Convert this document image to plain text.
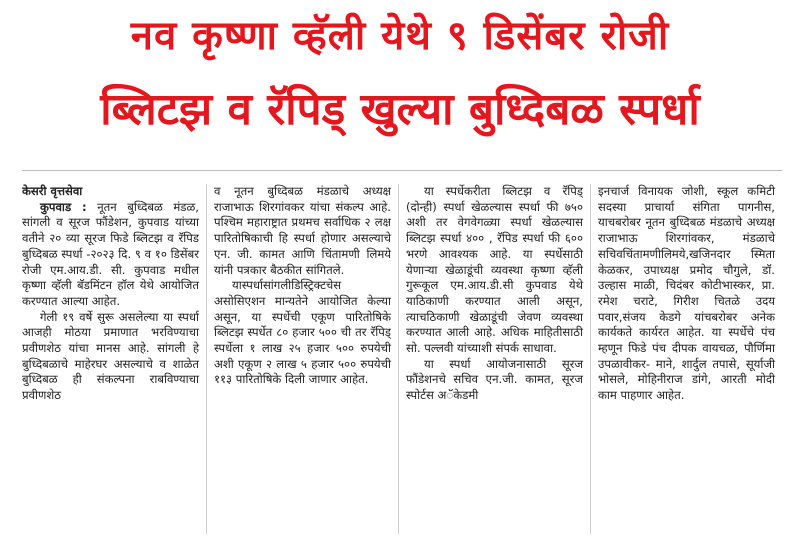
नव कृष्णा व्हॅली येथे ९ डिसेंबर रोजी
ब्लिटझ व रॅपिड् खुल्या बुध्दिबळ स्पर्धा
केसरी वृत्तसेवा

कुपवाड : नूतन बुध्दिबळ मंडळ, सांगली व सूरज फौंडेशन, कुपवाड यांच्या वतीने २० व्या सूरज फिडे ब्लिटझ व रॅपिड बुध्दिबळ स्पर्धा -२०२३ दि. ९ व १० डिसेंबर रोजी एम.आय.डी. सी. कुपवाड मधील कृष्णा व्हॅली बॅडमिंटन हॉल येथे आयोजित करण्यात आल्या आहेत.

गेली १९ वर्षे सुरू असलेल्या या स्पर्धा आजही मोठया प्रमाणात भरविण्याचा प्रवीणशेठ यांचा मानस आहे. सांगली हे बुध्दिबळाचे माहेरघर असल्याचे व शाळेत बुध्दिबळ ही संकल्पना राबविण्याचा प्रवीणशेठ

व नूतन बुध्दिबळ मंडळाचे अध्यक्ष राजाभाऊ शिरगांवकर यांचा संकल्प आहे. पश्चिम महाराष्ट्रात प्रथमच सर्वाधिक २ लक्ष पारितोषिकाची हि स्पर्धा होणार असल्याचे एन. जी. कामत आणि चिंतामणी लिमये यांनी पत्रकार बैठकीत सांगितले.

यास्पर्धासांगलीडिस्ट्रिक्टचेस असोसिएशन मान्यतेने आयोजित केल्या असून, या स्पर्धेची एकूण पारितोषिके ब्लिटझ स्पर्धेत ८० हजार ५०० ची तर रॅपिड् स्पर्धेला १ लाख २५ हजार ५०० रुपयेची अशी एकूण २ लाख ५ हजार ५०० रुपयेची ११३ पारितोषिके दिली जाणार आहेत.

या स्पर्धेकरीता ब्लिटझ व रॅपिड् (दोन्ही) स्पर्धा खेळल्यास स्पर्धा फी ७५० अशी तर वेगवेगळ्या स्पर्धा खेळल्यास ब्लिटझ स्पर्धा ४०० , रॅपिड स्पर्धा फी ६०० भरणे आवश्यक आहे. या स्पर्धेसाठी येणाऱ्या खेळाडूंची व्यवस्था कृष्णा व्हॅली गुरूकूल एम.आय.डी.सी कुपवाड येथे याठिकाणी करण्यात आली असून, त्याचठिकाणी खेळाडूंची जेवण व्यवस्था करण्यात आली आहे. अधिक माहितीसाठी सो. पल्लवी यांच्याशी संपर्क साधावा.

या स्पर्धा आयोजनासाठी सूरज फौंडेशनचे सचिव एन.जी. कामत, सूरज स्पोर्टस अॅकेडमी

इनचार्ज विनायक जोशी, स्कूल कमिटी सदस्या प्राचार्या संगिता पागनीस, याचबरोबर नूतन बुध्दिबळ मंडळाचे अध्यक्ष राजाभाऊ शिरगांवकर, मंडळाचे सचिवचिंतामणीलिमये,खजिनदार स्मिता केळकर, उपाध्यक्ष प्रमोद चौगुले, डॉ. उल्हास माळी, चिदंबर कोटीभास्कर, प्रा. रमेश चराटे, गिरीश चितळे उदय पवार,संजय केडगे यांचबरोबर अनेक कार्यकते कार्यरत आहेत. या स्पर्धेचे पंच म्हणून फिडे पंच दीपक वायचळ, पौर्णिमा उपळावीकर- माने, शार्दुल तपासे, सूर्याजी भोसले, मोहिनीराज डांगे, आरती मोदी काम पाहणार आहेत.
